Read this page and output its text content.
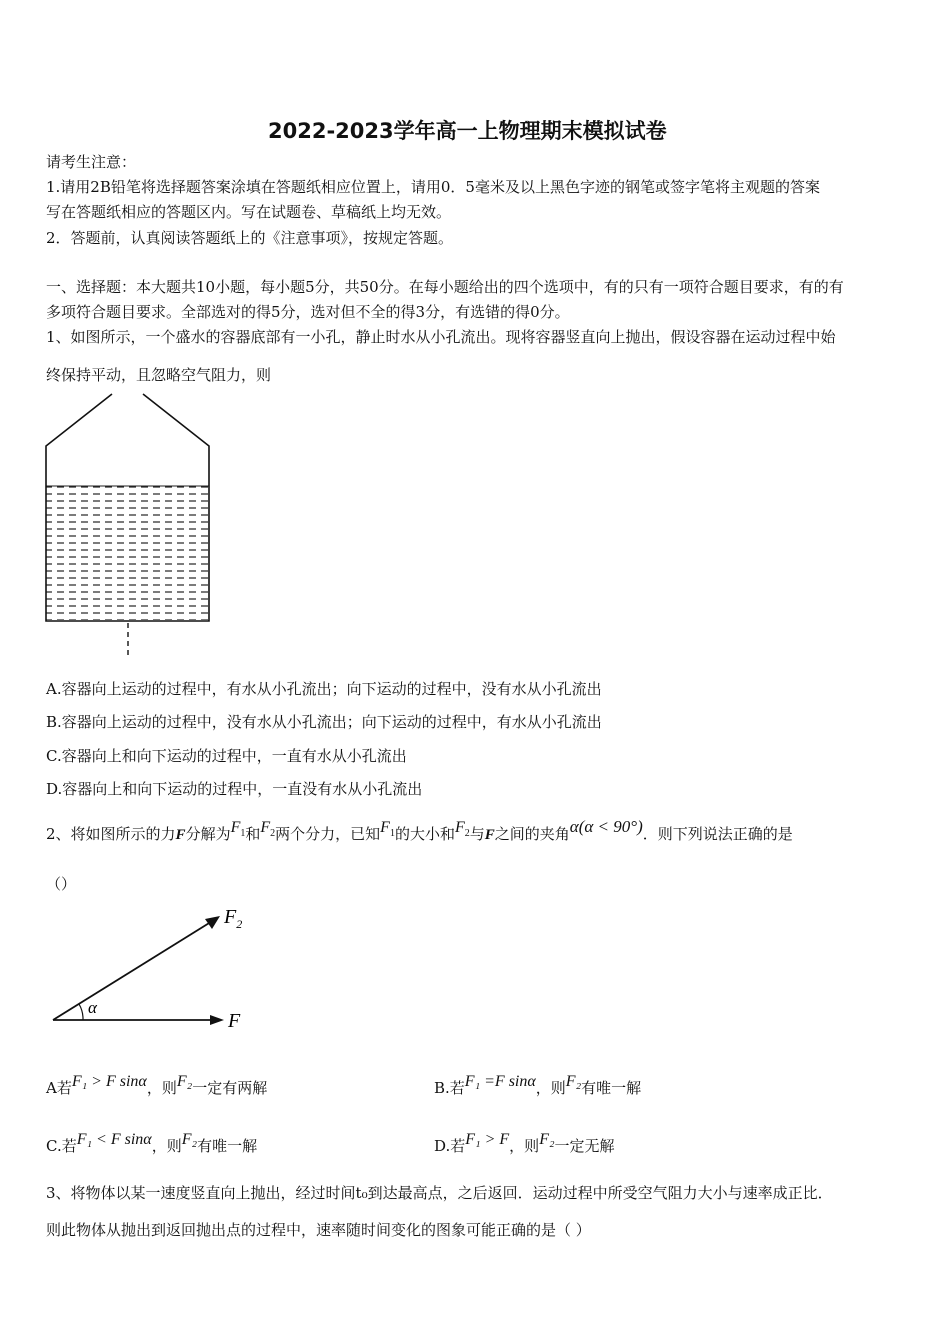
2022-2023学年高一上物理期末模拟试卷
请考生注意：
1.请用2B铅笔将选择题答案涂填在答题纸相应位置上，请用0．5毫米及以上黑色字迹的钢笔或签字笔将主观题的答案
写在答题纸相应的答题区内。写在试题卷、草稿纸上均无效。
2．答题前，认真阅读答题纸上的《注意事项》，按规定答题。
一、选择题：本大题共10小题，每小题5分，共50分。在每小题给出的四个选项中，有的只有一项符合题目要求，有的有
多项符合题目要求。全部选对的得5分，选对但不全的得3分，有选错的得0分。
1、如图所示，一个盛水的容器底部有一小孔，静止时水从小孔流出。现将容器竖直向上抛出，假设容器在运动过程中始
终保持平动，且忽略空气阻力，则
A.容器向上运动的过程中，有水从小孔流出；向下运动的过程中，没有水从小孔流出
B.容器向上运动的过程中，没有水从小孔流出；向下运动的过程中，有水从小孔流出
C.容器向上和向下运动的过程中，一直有水从小孔流出
D.容器向上和向下运动的过程中，一直没有水从小孔流出
2、将如图所示的力F分解为$F_1$和$F_2$两个分力，已知$F_1$的大小和$F_2$与F之间的夹角α(α < 90°)．则下列说法正确的是
（）
$F_2$
α
F
A若F₁ > F sinα，则F₂一定有两解	B.若F₁ =F sinα，则F₂有唯一解
C.若F₁ < F sinα，则F₂有唯一解	D.若F₁ > F，则F₂一定无解
3、将物体以某一速度竖直向上抛出，经过时间t₀到达最高点，之后返回．运动过程中所受空气阻力大小与速率成正比．
则此物体从抛出到返回抛出点的过程中，速率随时间变化的图象可能正确的是（ ）
